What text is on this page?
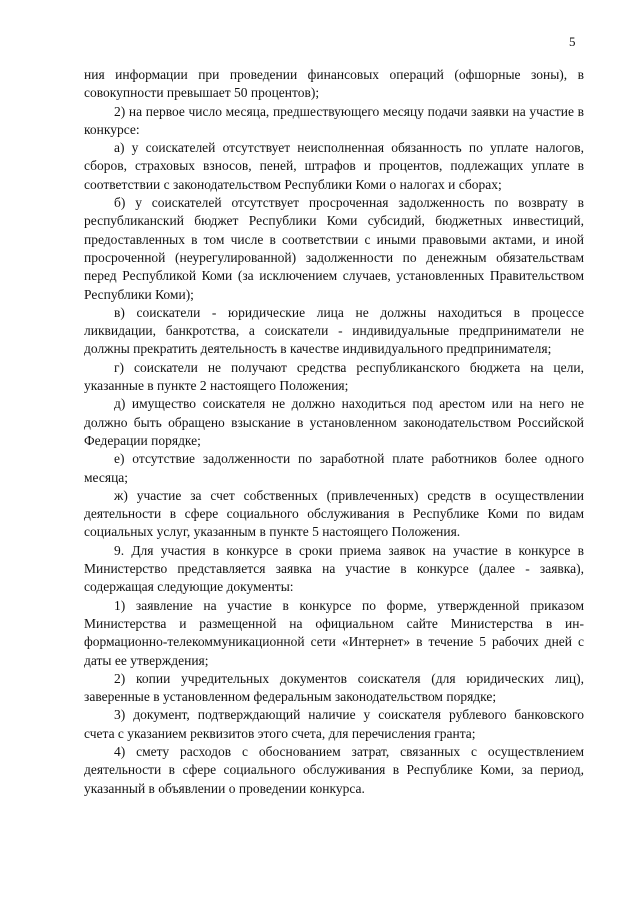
5

ния информации при проведении финансовых операций (офшорные зоны), в совокупности превышает 50 процентов);

2) на первое число месяца, предшествующего месяцу подачи заявки на участие в конкурсе:

а) у соискателей отсутствует неисполненная обязанность по уплате налогов, сборов, страховых взносов, пеней, штрафов и процентов, подлежащих уплате в соответствии с законодательством Республики Коми о налогах и сборах;

б) у соискателей отсутствует просроченная задолженность по возврату в республиканский бюджет Республики Коми субсидий, бюджетных инвестиций, предоставленных в том числе в соответствии с иными правовыми актами, и иной просроченной (неурегулированной) задолженности по денежным обязательствам перед Республикой Коми (за исключением случаев, установленных Правительством Республики Коми);

в) соискатели - юридические лица не должны находиться в процессе ликвидации, банкротства, а соискатели - индивидуальные предприниматели не должны прекратить деятельность в качестве индивидуального предпринимателя;

г) соискатели не получают средства республиканского бюджета на цели, указанные в пункте 2 настоящего Положения;

д) имущество соискателя не должно находиться под арестом или на него не должно быть обращено взыскание в установленном законодательством Российской Федерации порядке;

е) отсутствие задолженности по заработной плате работников более одного месяца;

ж) участие за счет собственных (привлеченных) средств в осуществлении деятельности в сфере социального обслуживания в Республике Коми по видам социальных услуг, указанным в пункте 5 настоящего Положения.

9. Для участия в конкурсе в сроки приема заявок на участие в конкурсе в Министерство представляется заявка на участие в конкурсе (далее - заявка), содержащая следующие документы:

1) заявление на участие в конкурсе по форме, утвержденной приказом Министерства и размещенной на официальном сайте Министерства в информационно-телекоммуникационной сети «Интернет» в течение 5 рабочих дней с даты ее утверждения;

2) копии учредительных документов соискателя (для юридических лиц), заверенные в установленном федеральным законодательством порядке;

3) документ, подтверждающий наличие у соискателя рублевого банковского счета с указанием реквизитов этого счета, для перечисления гранта;

4) смету расходов с обоснованием затрат, связанных с осуществлением деятельности в сфере социального обслуживания в Республике Коми, за период, указанный в объявлении о проведении конкурса.
